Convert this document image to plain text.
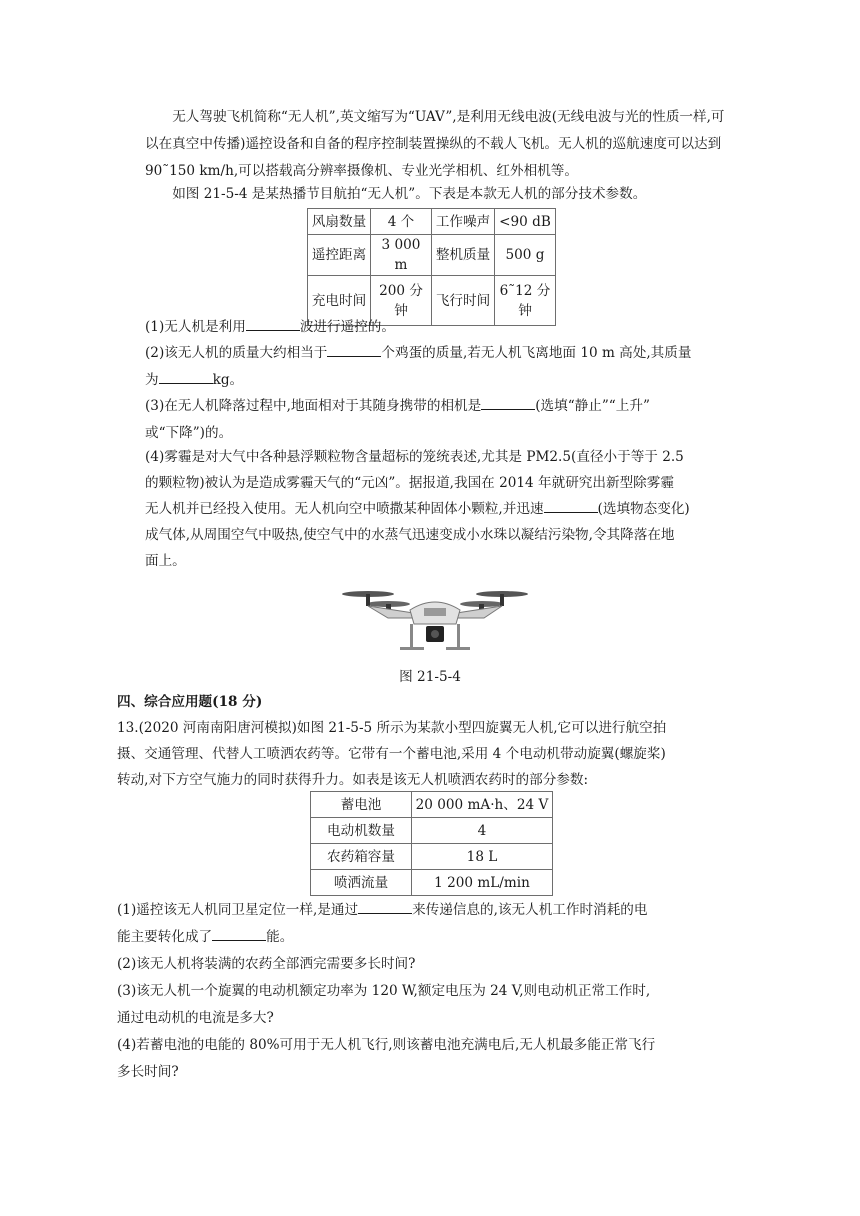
无人驾驶飞机简称“无人机”,英文缩写为“UAV”,是利用无线电波(无线电波与光的性质一样,可以在真空中传播)遥控设备和自备的程序控制装置操纵的不载人飞机。无人机的巡航速度可以达到 90˜150 km/h,可以搭载高分辨率摄像机、专业光学相机、红外相机等。

如图 21-5-4 是某热播节目航拍“无人机”。下表是本款无人机的部分技术参数。

风扇数量	4 个	工作噪声	<90 dB
遥控距离	3 000 m	整机质量	500 g
充电时间	200 分钟	飞行时间	6˜12 分钟

(1)无人机是利用	波进行遥控的。

(2)该无人机的质量大约相当于	个鸡蛋的质量,若无人机飞离地面 10 m 高处,其质量
为	kg。

(3)在无人机降落过程中,地面相对于其随身携带的相机是	(选填“静止”“上升”
或“下降”)的。

(4)雾霾是对大气中各种悬浮颗粒物含量超标的笼统表述,尤其是 PM2.5(直径小于等于 2.5
的颗粒物)被认为是造成雾霾天气的“元凶”。据报道,我国在 2014 年就研究出新型除雾霾
无人机并已经投入使用。无人机向空中喷撒某种固体小颗粒,并迅速	(选填物态变化)
成气体,从周围空气中吸热,使空气中的水蒸气迅速变成小水珠以凝结污染物,令其降落在地
面上。

图 21-5-4

四、综合应用题(18 分)

13.(2020 河南南阳唐河模拟)如图 21-5-5 所示为某款小型四旋翼无人机,它可以进行航空拍
摄、交通管理、代替人工喷洒农药等。它带有一个蓄电池,采用 4 个电动机带动旋翼(螺旋桨)
转动,对下方空气施力的同时获得升力。如表是该无人机喷洒农药时的部分参数:

蓄电池	20 000 mA·h、24 V
电动机数量	4
农药箱容量	18 L
喷洒流量	1 200 mL/min

(1)遥控该无人机同卫星定位一样,是通过	来传递信息的,该无人机工作时消耗的电
能主要转化成了	能。
(2)该无人机将装满的农药全部洒完需要多长时间?
(3)该无人机一个旋翼的电动机额定功率为 120 W,额定电压为 24 V,则电动机正常工作时,
通过电动机的电流是多大?
(4)若蓄电池的电能的 80%可用于无人机飞行,则该蓄电池充满电后,无人机最多能正常飞行
多长时间?
